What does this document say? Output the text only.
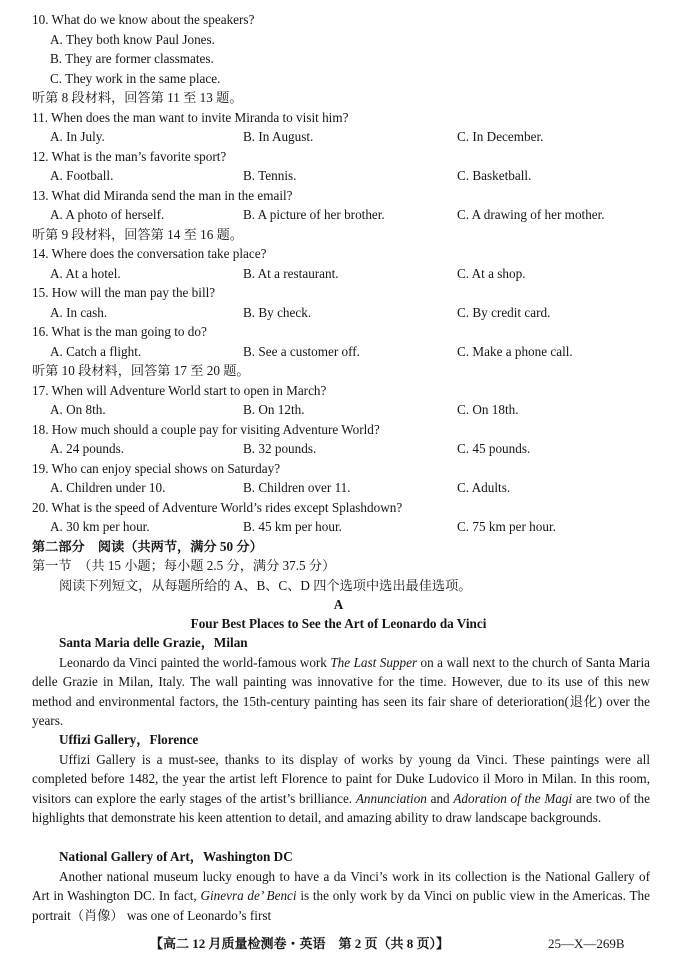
10. What do we know about the speakers?
A. They both know Paul Jones.
B. They are former classmates.
C. They work in the same place.
听第 8 段材料，回答第 11 至 13 题。
11. When does the man want to invite Miranda to visit him?
A. In July.	B. In August.	C. In December.
12. What is the man’s favorite sport?
A. Football.	B. Tennis.	C. Basketball.
13. What did Miranda send the man in the email?
A. A photo of herself.	B. A picture of her brother.	C. A drawing of her mother.
听第 9 段材料，回答第 14 至 16 题。
14. Where does the conversation take place?
A. At a hotel.	B. At a restaurant.	C. At a shop.
15. How will the man pay the bill?
A. In cash.	B. By check.	C. By credit card.
16. What is the man going to do?
A. Catch a flight.	B. See a customer off.	C. Make a phone call.
听第 10 段材料，回答第 17 至 20 题。
17. When will Adventure World start to open in March?
A. On 8th.	B. On 12th.	C. On 18th.
18. How much should a couple pay for visiting Adventure World?
A. 24 pounds.	B. 32 pounds.	C. 45 pounds.
19. Who can enjoy special shows on Saturday?
A. Children under 10.	B. Children over 11.	C. Adults.
20. What is the speed of Adventure World’s rides except Splashdown?
A. 30 km per hour.	B. 45 km per hour.	C. 75 km per hour.
第二部分　阅读（共两节，满分 50 分）
第一节　（共 15 小题；每小题 2.5 分，满分 37.5 分）
阅读下列短文，从每题所给的 A、B、C、D 四个选项中选出最佳选项。
A
Four Best Places to See the Art of Leonardo da Vinci
Santa Maria delle Grazie，Milan
Leonardo da Vinci painted the world-famous work The Last Supper on a wall next to the church of Santa Maria delle Grazie in Milan, Italy. The wall painting was innovative for the time. However, due to its use of this new method and environmental factors, the 15th-century painting has seen its fair share of deterioration(退化) over the years.
Uffizi Gallery，Florence
Uffizi Gallery is a must-see, thanks to its display of works by young da Vinci. These paintings were all completed before 1482, the year the artist left Florence to paint for Duke Ludovico il Moro in Milan. In this room, visitors can explore the early stages of the artist’s brilliance. Annunciation and Adoration of the Magi are two of the highlights that demonstrate his keen attention to detail, and amazing ability to draw landscape backgrounds.
National Gallery of Art，Washington DC
Another national museum lucky enough to have a da Vinci’s work in its collection is the National Gallery of Art in Washington DC. In fact, Ginevra de’ Benci is the only work by da Vinci on public view in the Americas. The portrait（肖像） was one of Leonardo’s first
【高二 12 月质量检测卷・英语　第 2 页（共 8 页）】	25—X—269B
